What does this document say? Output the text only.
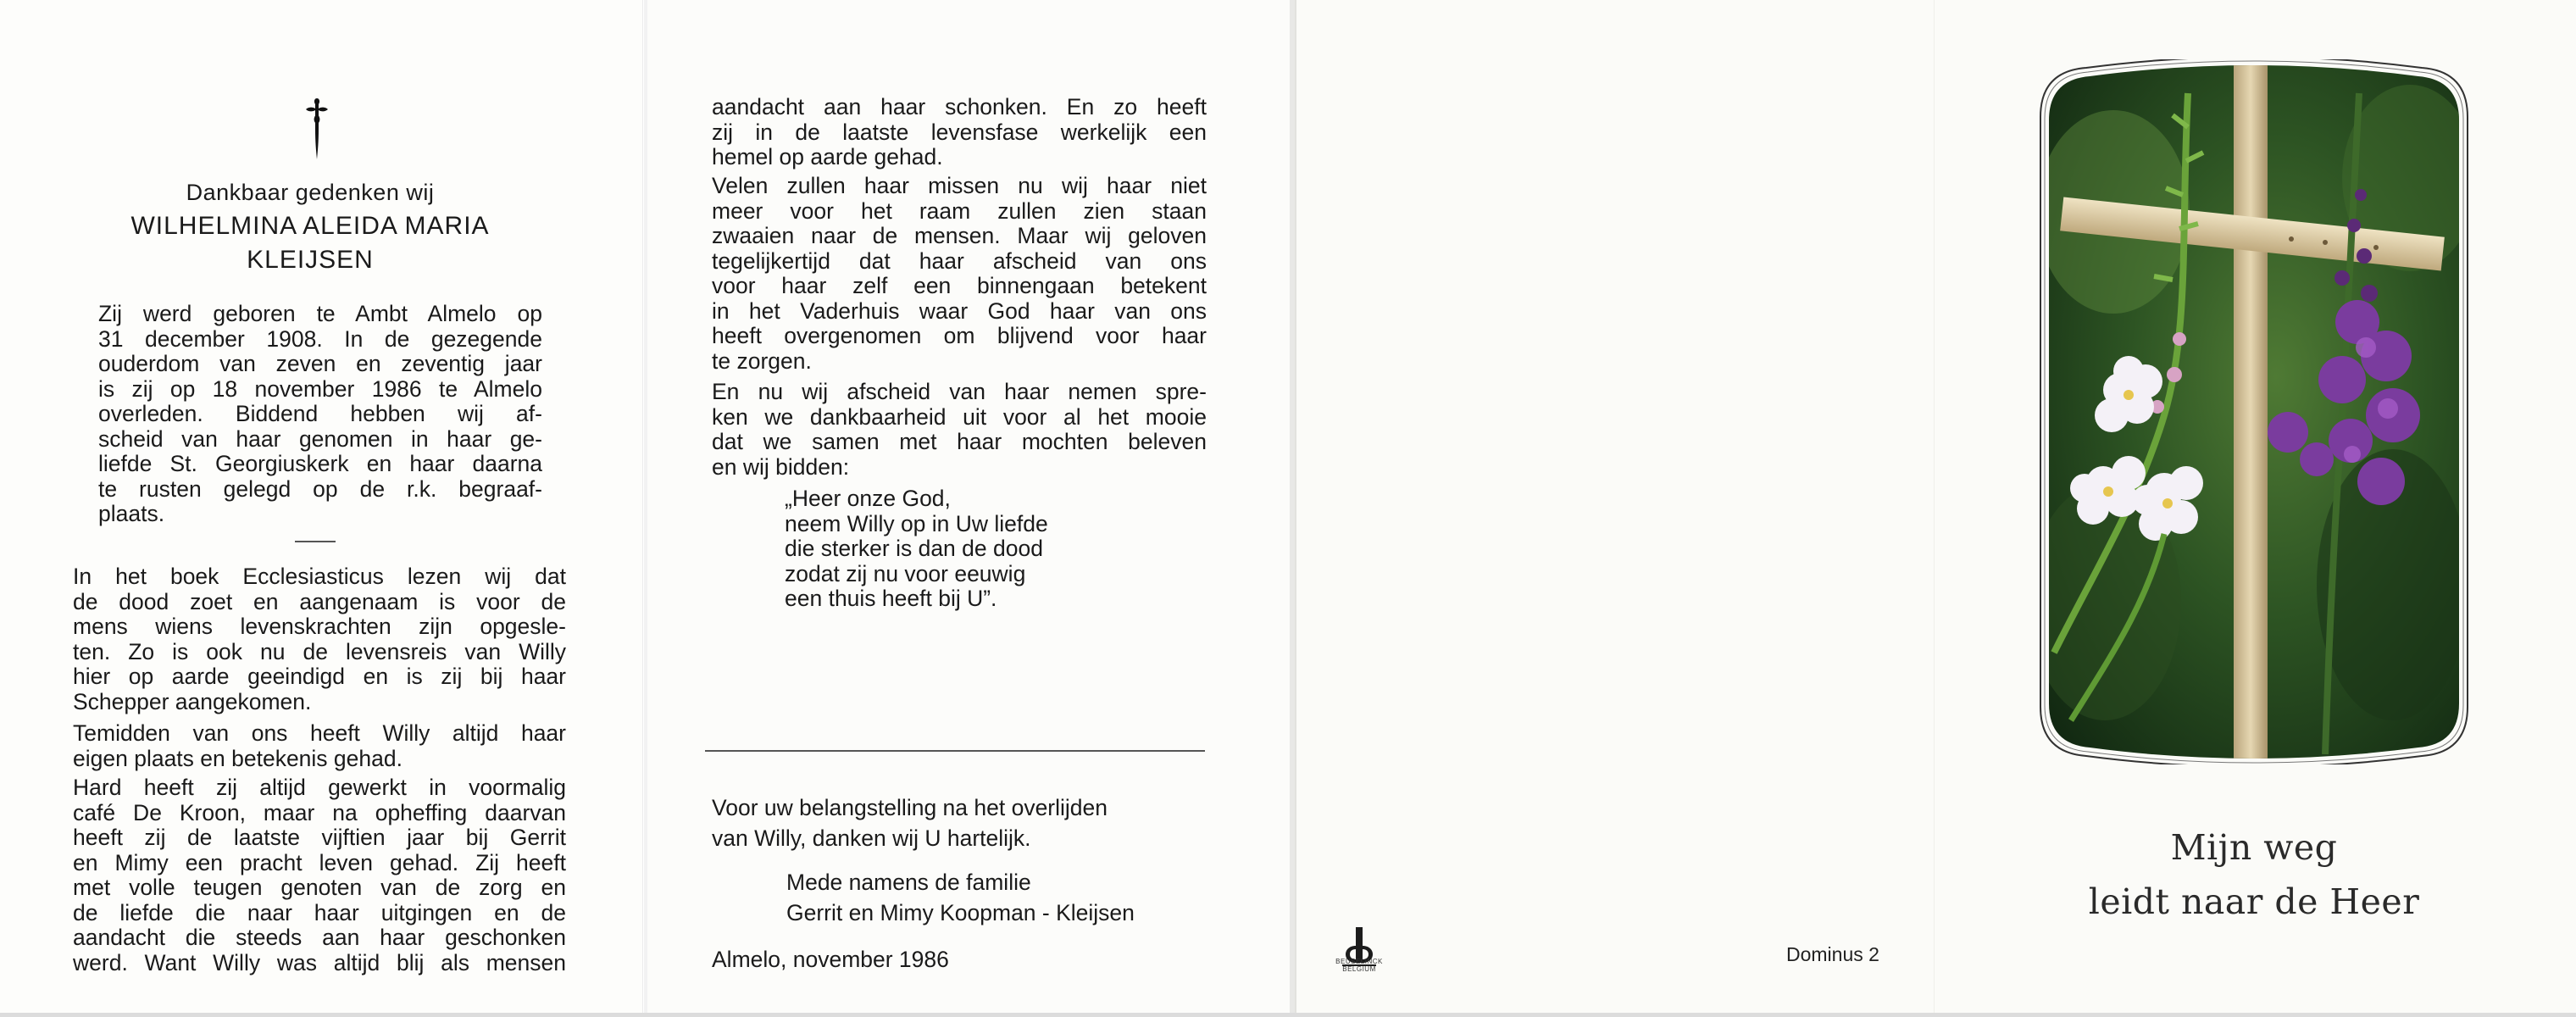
Dankbaar gedenken wij
WILHELMINA ALEIDA MARIA
KLEIJSEN
Zij werd geboren te Ambt Almelo op
31 december 1908. In de gezegende
ouderdom van zeven en zeventig jaar
is zij op 18 november 1986 te Almelo
overleden. Biddend hebben wij af-
scheid van haar genomen in haar ge-
liefde St. Georgiuskerk en haar daarna
te rusten gelegd op de r.k. begraaf-
plaats.
In het boek Ecclesiasticus lezen wij dat
de dood zoet en aangenaam is voor de
mens wiens levenskrachten zijn opgesle-
ten. Zo is ook nu de levensreis van Willy
hier op aarde geeindigd en is zij bij haar
Schepper aangekomen.
Temidden van ons heeft Willy altijd haar
eigen plaats en betekenis gehad.
Hard heeft zij altijd gewerkt in voormalig
café De Kroon, maar na opheffing daarvan
heeft zij de laatste vijftien jaar bij Gerrit
en Mimy een pracht leven gehad. Zij heeft
met volle teugen genoten van de zorg en
de liefde die naar haar uitgingen en de
aandacht die steeds aan haar geschonken
werd. Want Willy was altijd blij als mensen
aandacht aan haar schonken. En zo heeft
zij in de laatste levensfase werkelijk een
hemel op aarde gehad.
Velen zullen haar missen nu wij haar niet
meer voor het raam zullen zien staan
zwaaien naar de mensen. Maar wij geloven
tegelijkertijd dat haar afscheid van ons
voor haar zelf een binnengaan betekent
in het Vaderhuis waar God haar van ons
heeft overgenomen om blijvend voor haar
te zorgen.
En nu wij afscheid van haar nemen spre-
ken we dankbaarheid uit voor al het mooie
dat we samen met haar mochten beleven
en wij bidden:
„Heer onze God,
neem Willy op in Uw liefde
die sterker is dan de dood
zodat zij nu voor eeuwig
een thuis heeft bij U”.
Voor uw belangstelling na het overlijden
van Willy, danken wij U hartelijk.
Mede namens de familie
Gerrit en Mimy Koopman - Kleijsen
Almelo, november 1986	BEUSELINCK BELGIUM
Dominus 2
Mijn weg
leidt naar de Heer
